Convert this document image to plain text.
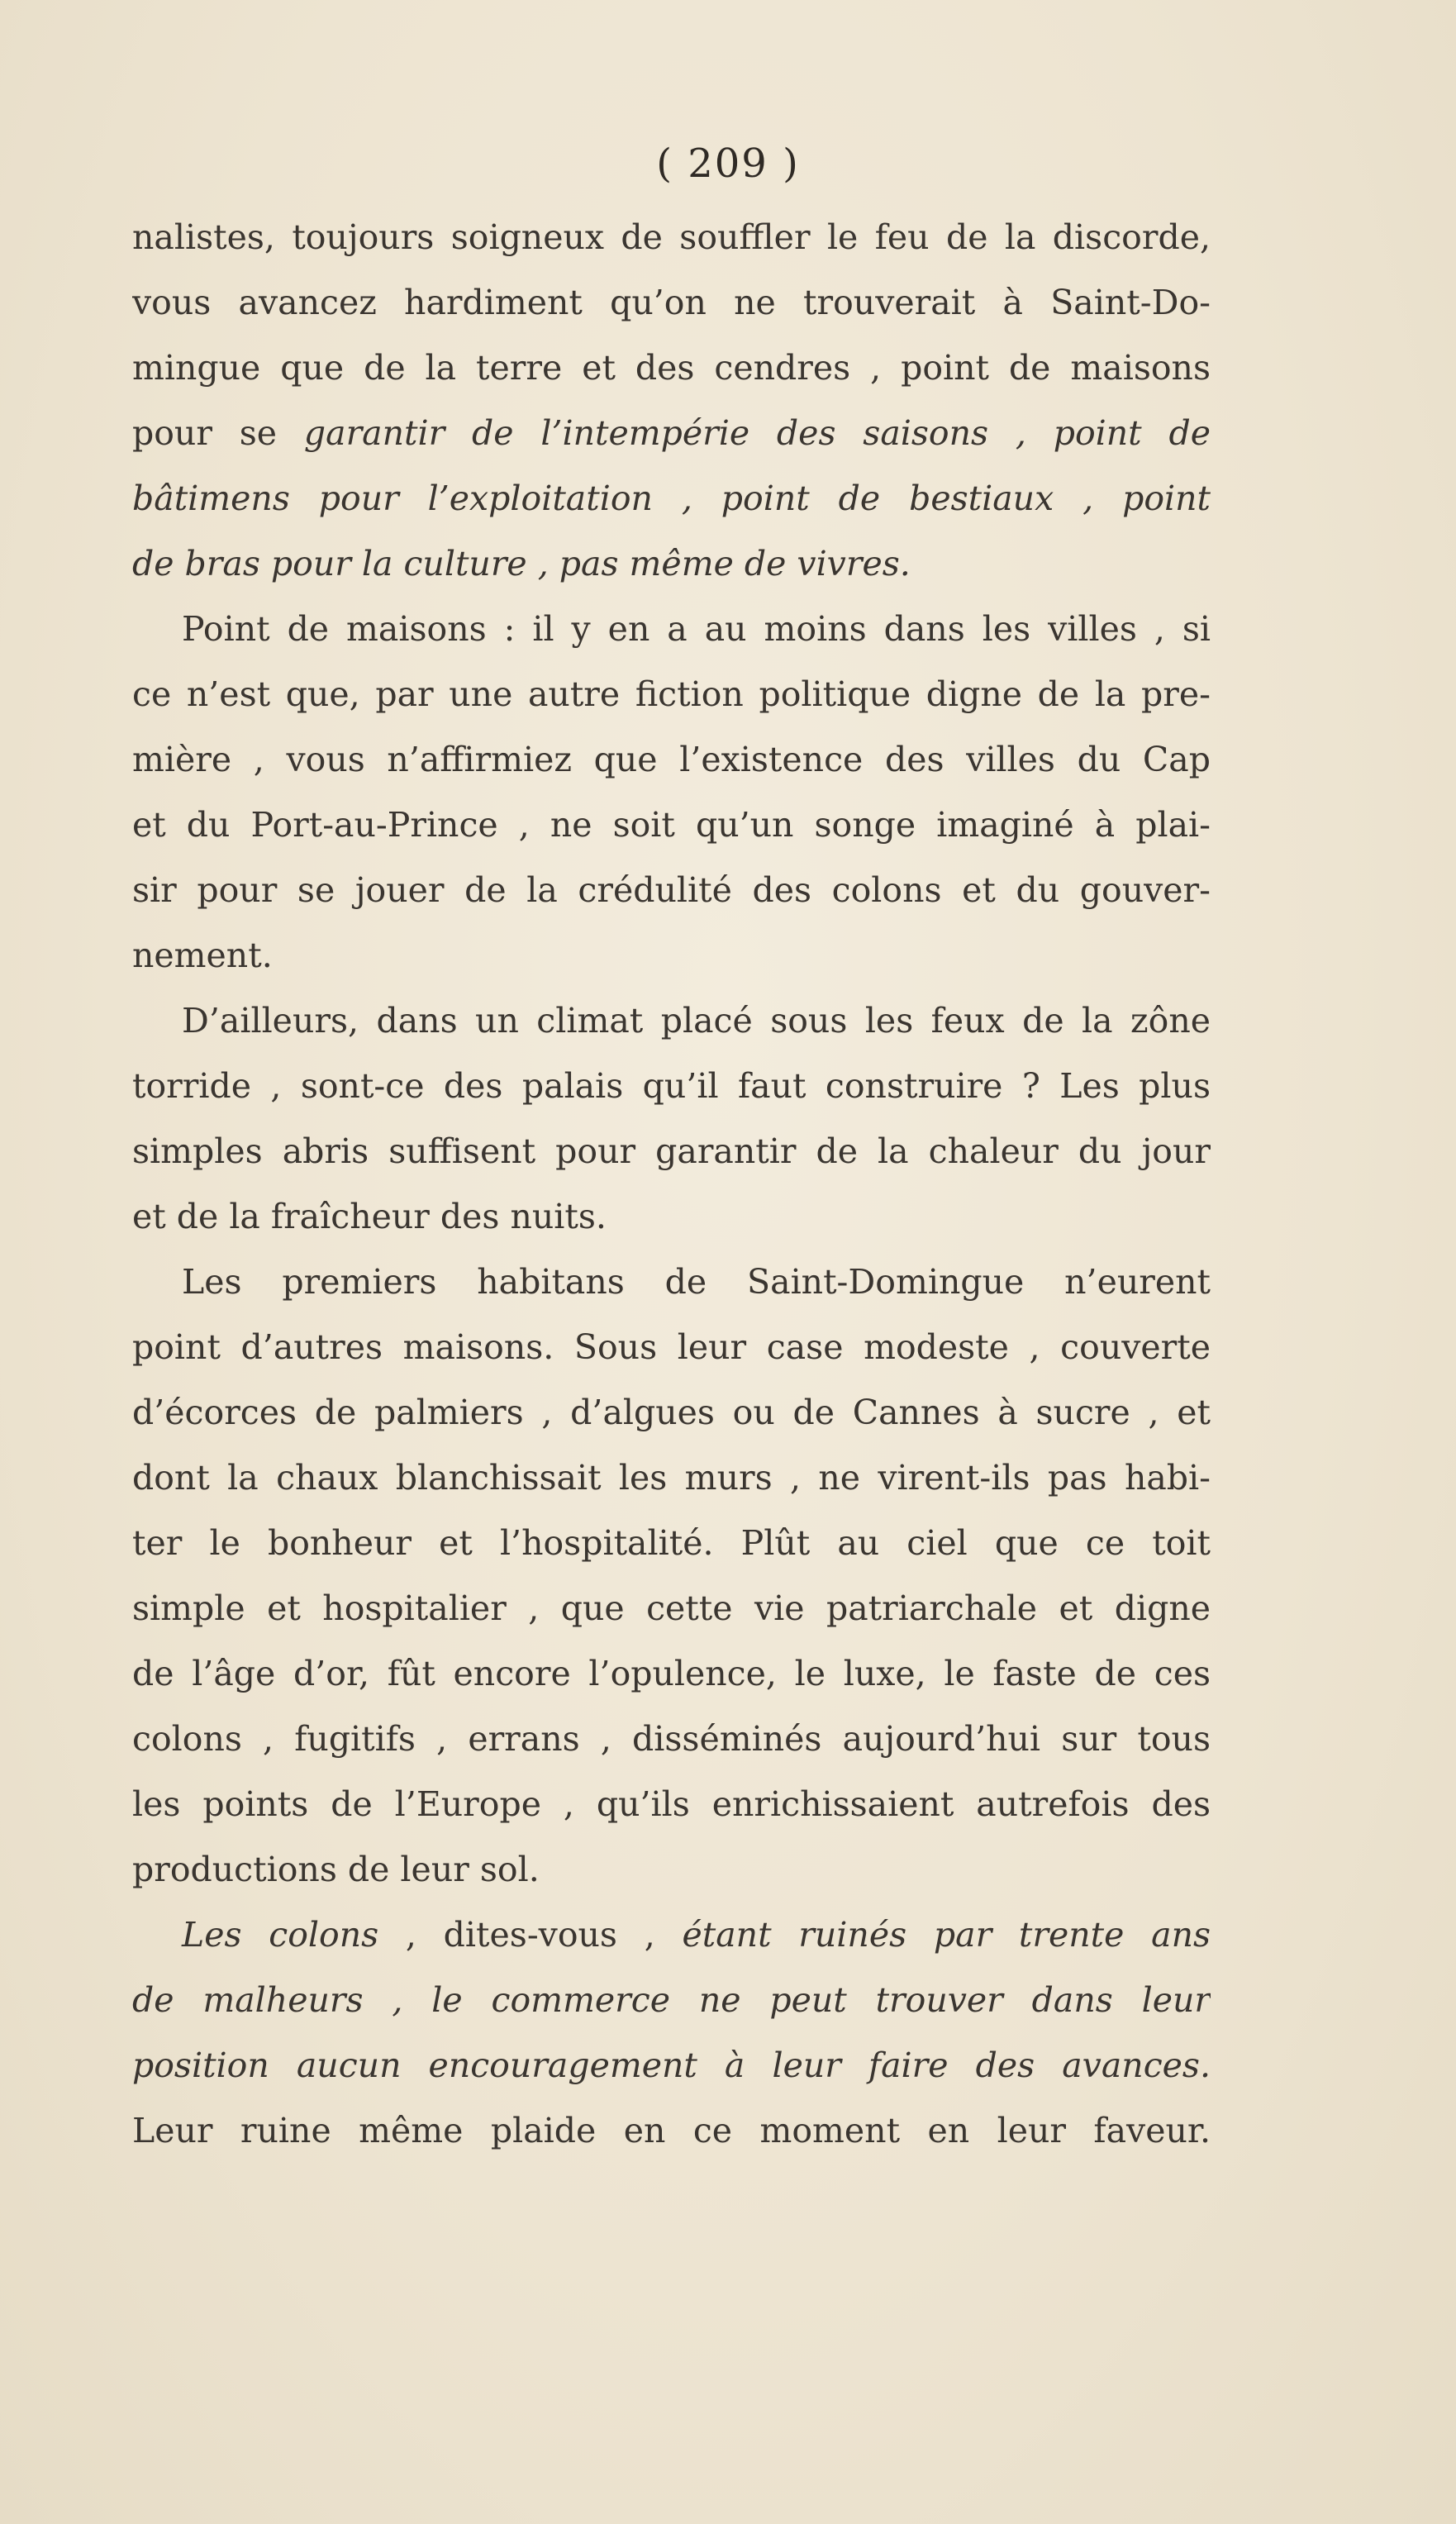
( 209 )

nalistes, toujours soigneux de souffler le feu de la discorde,
vous avancez hardiment qu’on ne trouverait à Saint-Do-
mingue que de la terre et des cendres , point de maisons
pour se garantir de l’intempérie des saisons , point de
bâtimens pour l’exploitation , point de bestiaux , point
de bras pour la culture , pas même de vivres.
Point de maisons : il y en a au moins dans les villes , si
ce n’est que, par une autre fiction politique digne de la pre-
mière , vous n’affirmiez que l’existence des villes du Cap
et du Port-au-Prince , ne soit qu’un songe imaginé à plai-
sir pour se jouer de la crédulité des colons et du gouver-
nement.
D’ailleurs, dans un climat placé sous les feux de la zône
torride , sont-ce des palais qu’il faut construire ? Les plus
simples abris suffisent pour garantir de la chaleur du jour
et de la fraîcheur des nuits.
Les premiers habitans de Saint-Domingue n’eurent
point d’autres maisons. Sous leur case modeste , couverte
d’écorces de palmiers , d’algues ou de Cannes à sucre , et
dont la chaux blanchissait les murs , ne virent-ils pas habi-
ter le bonheur et l’hospitalité. Plût au ciel que ce toit
simple et hospitalier , que cette vie patriarchale et digne
de l’âge d’or, fût encore l’opulence, le luxe, le faste de ces
colons , fugitifs , errans , disséminés aujourd’hui sur tous
les points de l’Europe , qu’ils enrichissaient autrefois des
productions de leur sol.
Les colons , dites-vous , étant ruinés par trente ans
de malheurs , le commerce ne peut trouver dans leur
position aucun encouragement à leur faire des avances.
Leur ruine même plaide en ce moment en leur faveur.
